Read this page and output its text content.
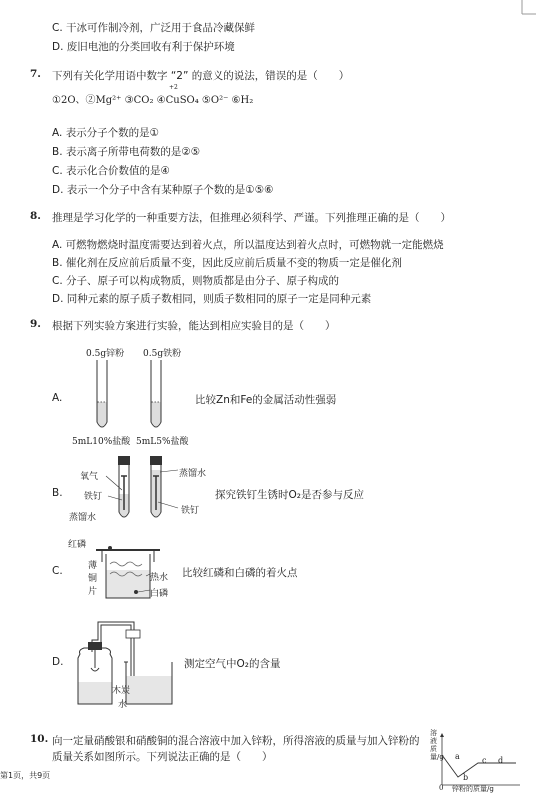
C. 干冰可作制冷剂，广泛用于食品冷藏保鲜
D. 废旧电池的分类回收有利于保护环境
7. 下列有关化学用语中数字 “2” 的意义的说法，错误的是（　　）
①2O、②Mg²⁺ ③CO₂ ④CuSO₄ ⑤O²⁻ ⑥H₂
+2
A. 表示分子个数的是①
B. 表示离子所带电荷数的是②⑤
C. 表示化合价数值的是④
D. 表示一个分子中含有某种原子个数的是①⑤⑥
8. 推理是学习化学的一种重要方法，但推理必须科学、严谨。下列推理正确的是（　　）
A. 可燃物燃烧时温度需要达到着火点，所以温度达到着火点时，可燃物就一定能燃烧
B. 催化剂在反应前后质量不变，因此反应前后质量不变的物质一定是催化剂
C. 分子、原子可以构成物质，则物质都是由分子、原子构成的
D. 同种元素的原子质子数相同，则质子数相同的原子一定是同种元素
9. 根据下列实验方案进行实验，能达到相应实验目的是（　　）
0.5g锌粉 0.5g铁粉
A.	比较Zn和Fe的金属活动性强弱
5mL10%盐酸 5mL5%盐酸
氧气
铁钉
蒸馏水
蒸馏水
铁钉
B.	探究铁钉生锈时O₂是否参与反应
红磷
薄
铜
片
热水
白磷
C.	比较红磷和白磷的着火点
木炭
水
D.	测定空气中O₂的含量
10. 向一定量硝酸银和硝酸铜的混合溶液中加入锌粉，所得溶液的质量与加入锌粉的
质量关系如图所示。下列说法正确的是（　　）
溶液质量/g a
b
c d
0 锌粉的质量/g
第1页，共9页
